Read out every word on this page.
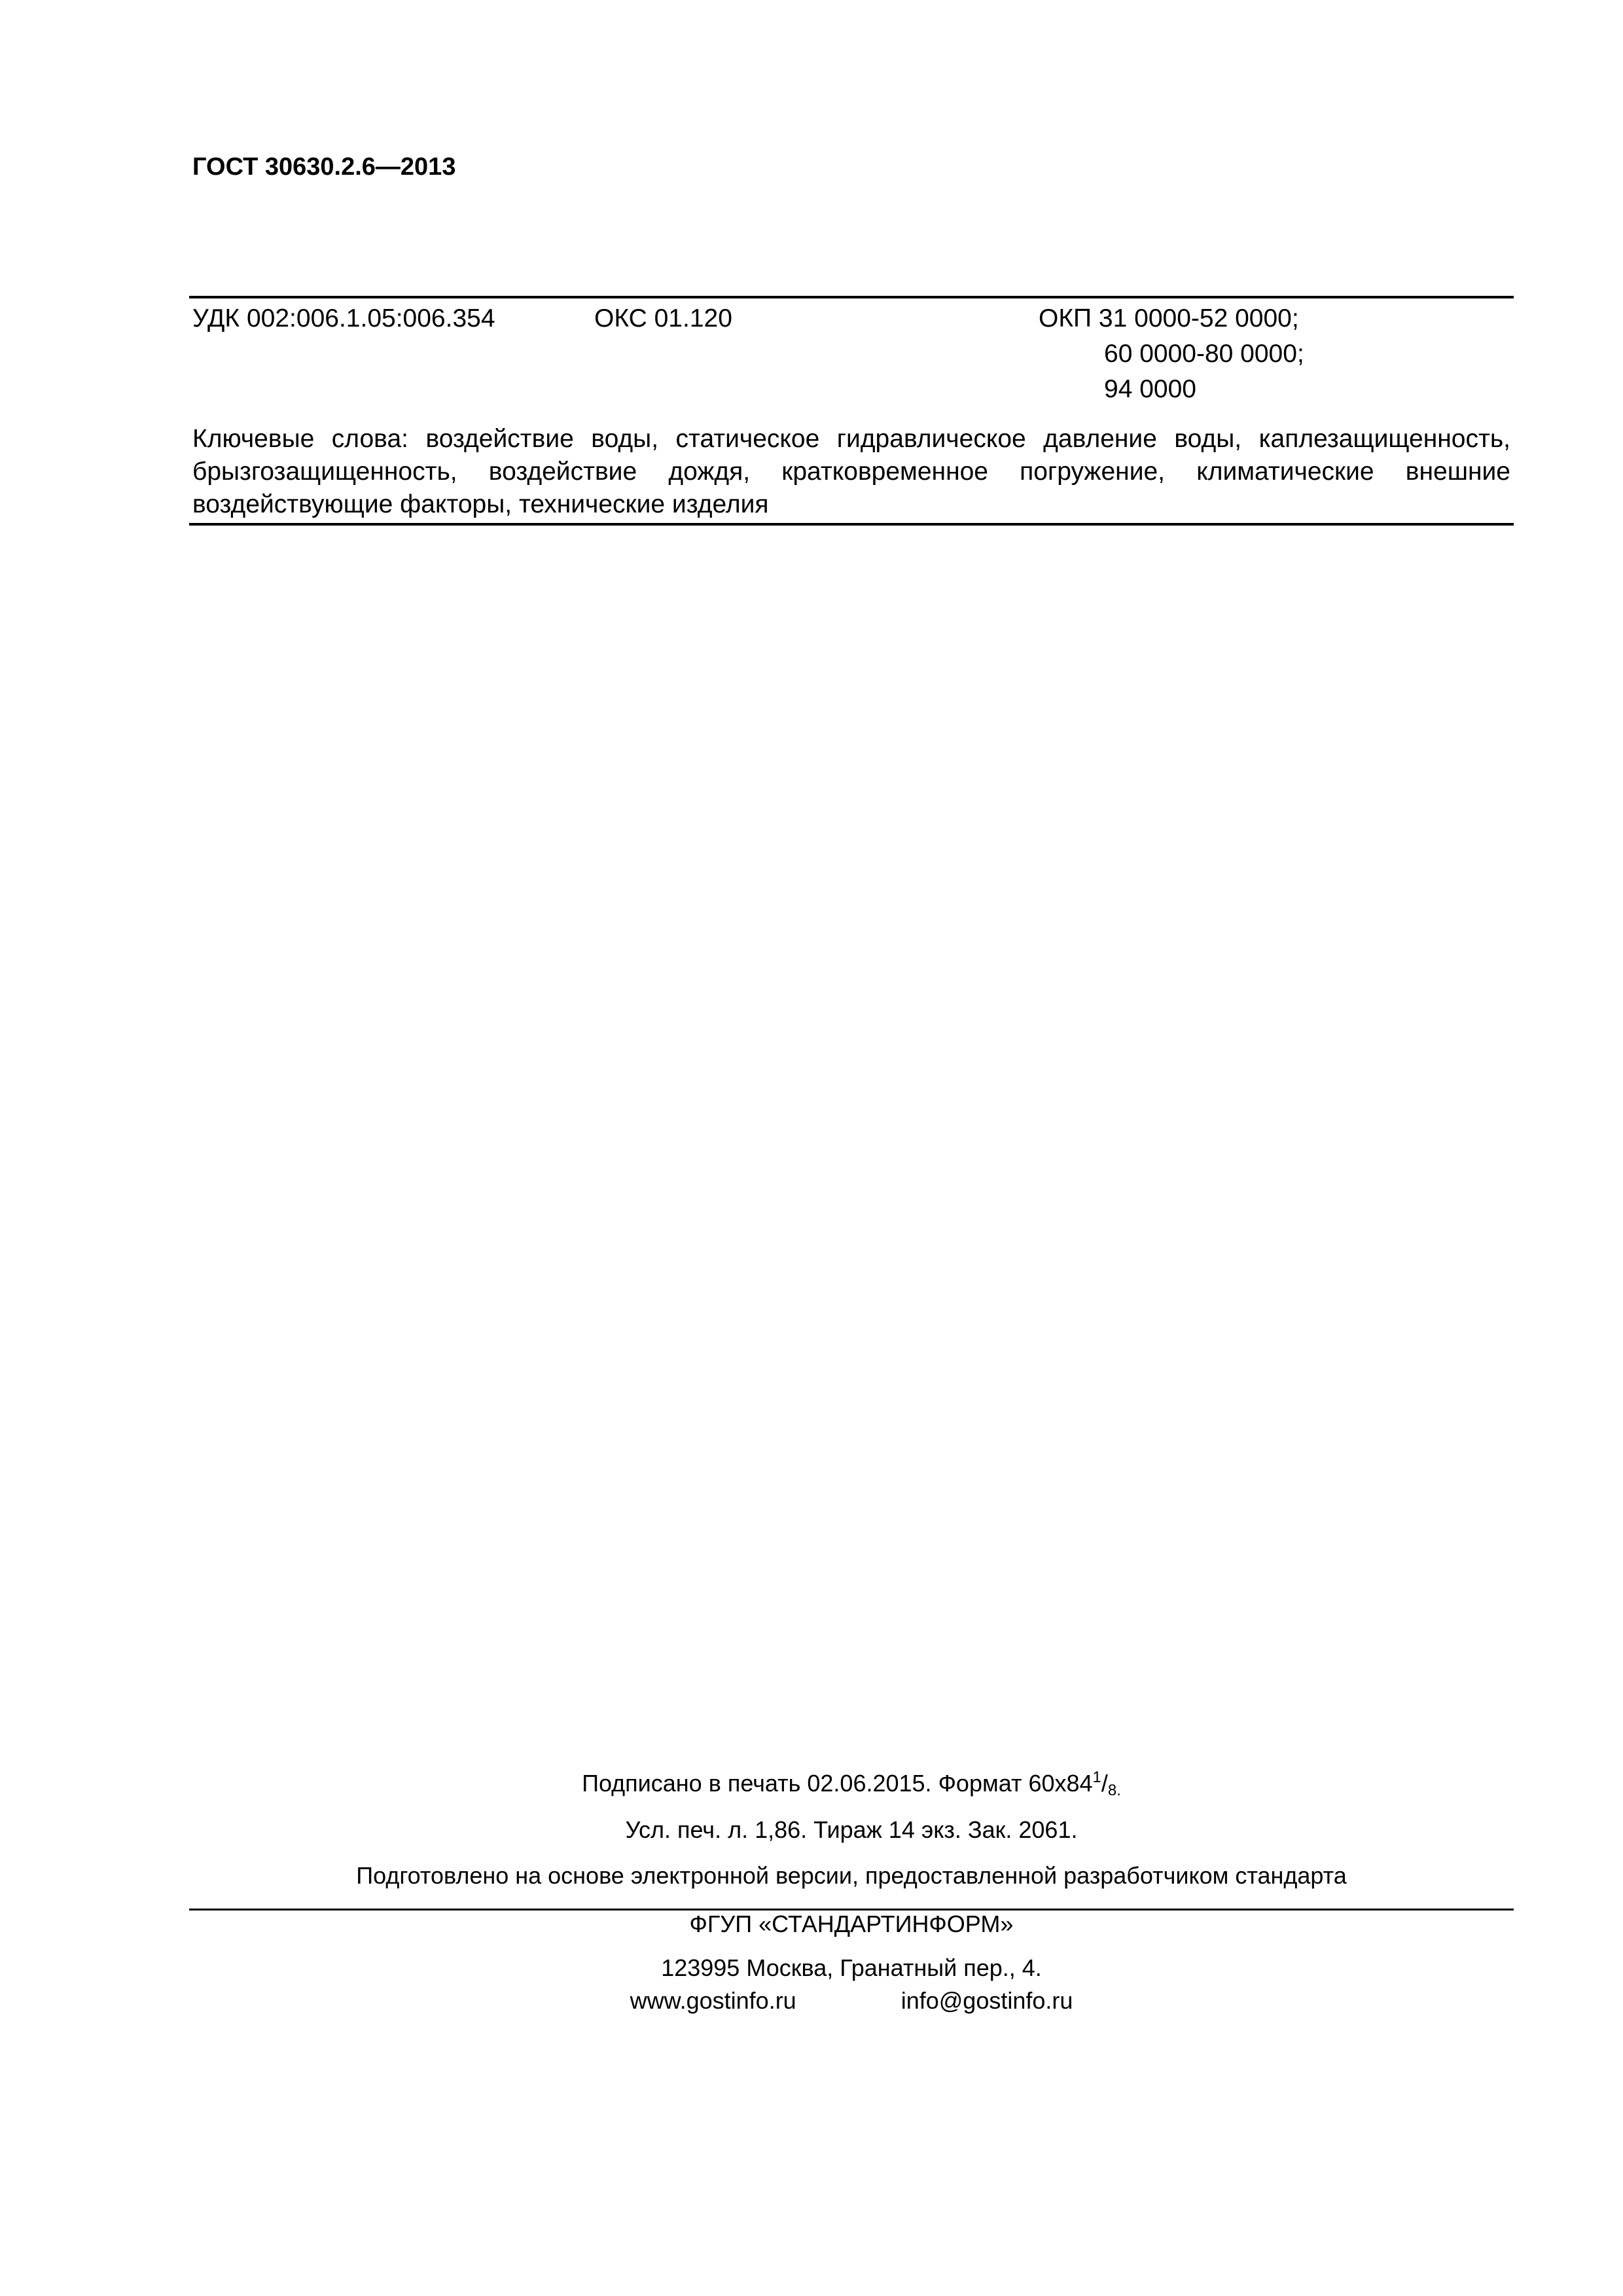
ГОСТ 30630.2.6—2013
УДК 002:006.1.05:006.354	ОКС 01.120	ОКП 31 0000-52 0000;
60 0000-80 0000;
94 0000
Ключевые слова: воздействие воды, статическое гидравлическое давление воды, каплезащищенность, брызгозащищенность, воздействие дождя, кратковременное погружение, климатические внешние воздействующие факторы, технические изделия
Подписано в печать 02.06.2015. Формат $60х84^1/8$.
Усл. печ. л. 1,86. Тираж 14 экз. Зак. 2061.
Подготовлено на основе электронной версии, предоставленной разработчиком стандарта
ФГУП «СТАНДАРТИНФОРМ»
123995 Москва, Гранатный пер., 4.
www.gostinfo.ru	info@gostinfo.ru
